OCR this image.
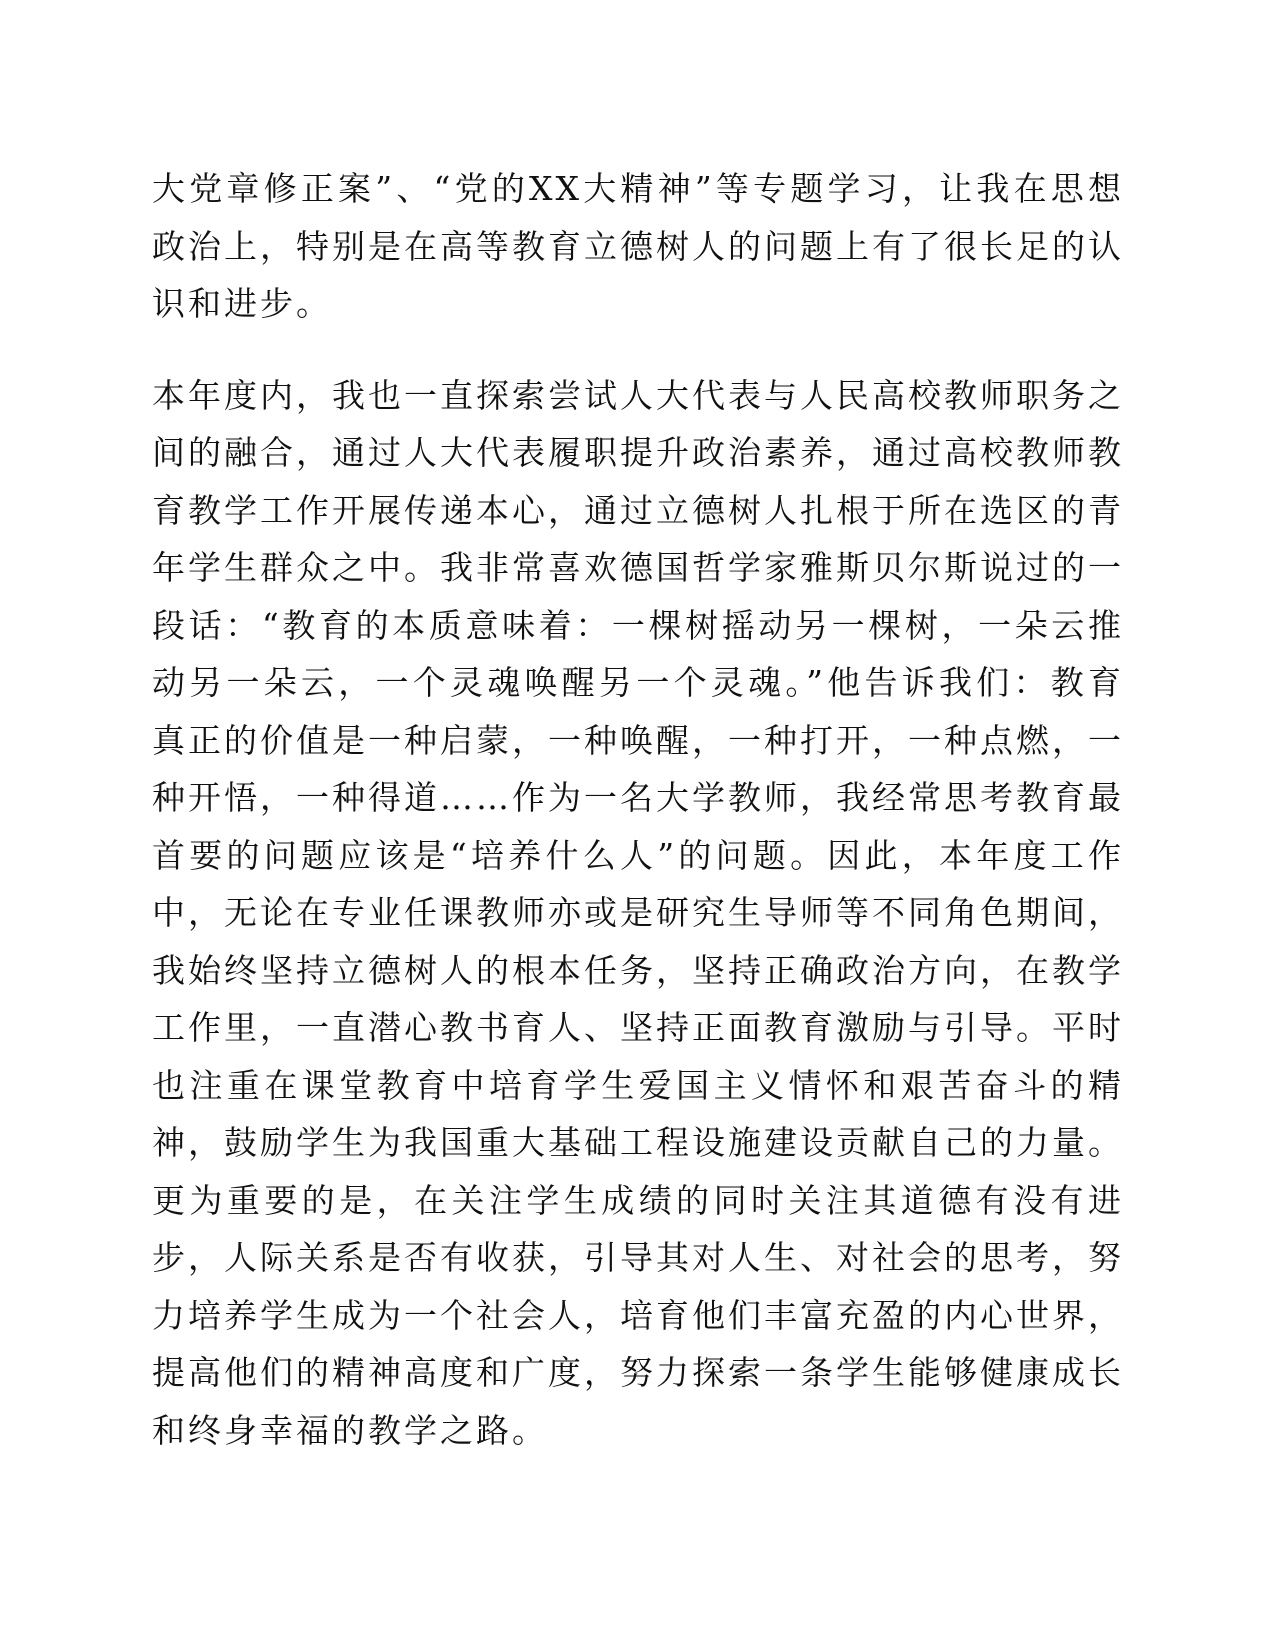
大党章修正案”、“党的XX大精神”等专题学习，让我在思想政治上，特别是在高等教育立德树人的问题上有了很长足的认识和进步。

本年度内，我也一直探索尝试人大代表与人民高校教师职务之间的融合，通过人大代表履职提升政治素养，通过高校教师教育教学工作开展传递本心，通过立德树人扎根于所在选区的青年学生群众之中。我非常喜欢德国哲学家雅斯贝尔斯说过的一段话：“教育的本质意味着：一棵树摇动另一棵树，一朵云推动另一朵云，一个灵魂唤醒另一个灵魂。”他告诉我们：教育真正的价值是一种启蒙，一种唤醒，一种打开，一种点燃，一种开悟，一种得道……作为一名大学教师，我经常思考教育最首要的问题应该是“培养什么人”的问题。因此，本年度工作中，无论在专业任课教师亦或是研究生导师等不同角色期间，我始终坚持立德树人的根本任务，坚持正确政治方向，在教学工作里，一直潜心教书育人、坚持正面教育激励与引导。平时也注重在课堂教育中培育学生爱国主义情怀和艰苦奋斗的精神，鼓励学生为我国重大基础工程设施建设贡献自己的力量。更为重要的是，在关注学生成绩的同时关注其道德有没有进步，人际关系是否有收获，引导其对人生、对社会的思考，努力培养学生成为一个社会人，培育他们丰富充盈的内心世界，提高他们的精神高度和广度，努力探索一条学生能够健康成长和终身幸福的教学之路。
